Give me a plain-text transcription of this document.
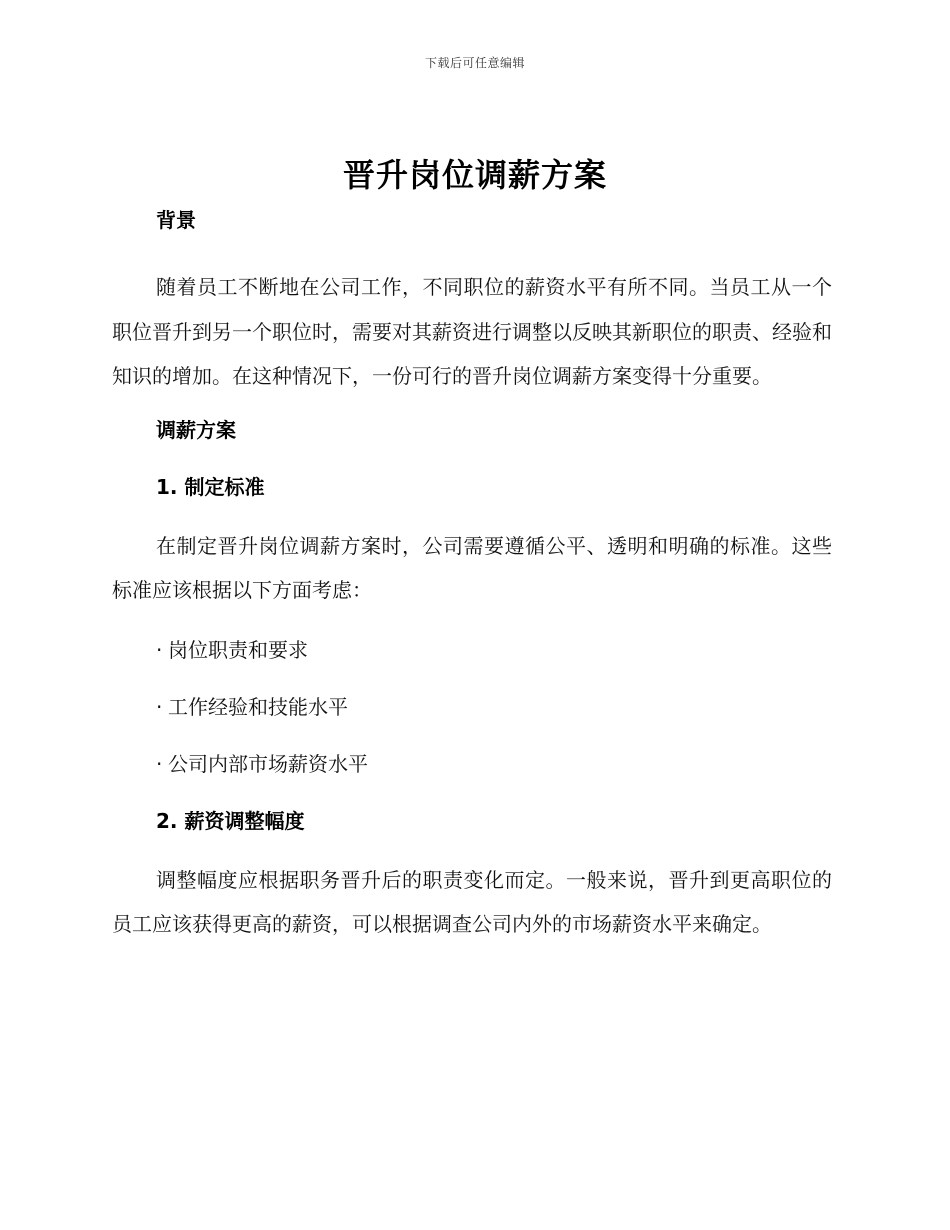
下载后可任意编辑
晋升岗位调薪方案
背景
随着员工不断地在公司工作，不同职位的薪资水平有所不同。当员工从一个职位晋升到另一个职位时，需要对其薪资进行调整以反映其新职位的职责、经验和知识的增加。在这种情况下，一份可行的晋升岗位调薪方案变得十分重要。
调薪方案
1. 制定标准
在制定晋升岗位调薪方案时，公司需要遵循公平、透明和明确的标准。这些标准应该根据以下方面考虑：
· 岗位职责和要求
· 工作经验和技能水平
· 公司内部市场薪资水平
2. 薪资调整幅度
调整幅度应根据职务晋升后的职责变化而定。一般来说，晋升到更高职位的员工应该获得更高的薪资，可以根据调查公司内外的市场薪资水平来确定。
